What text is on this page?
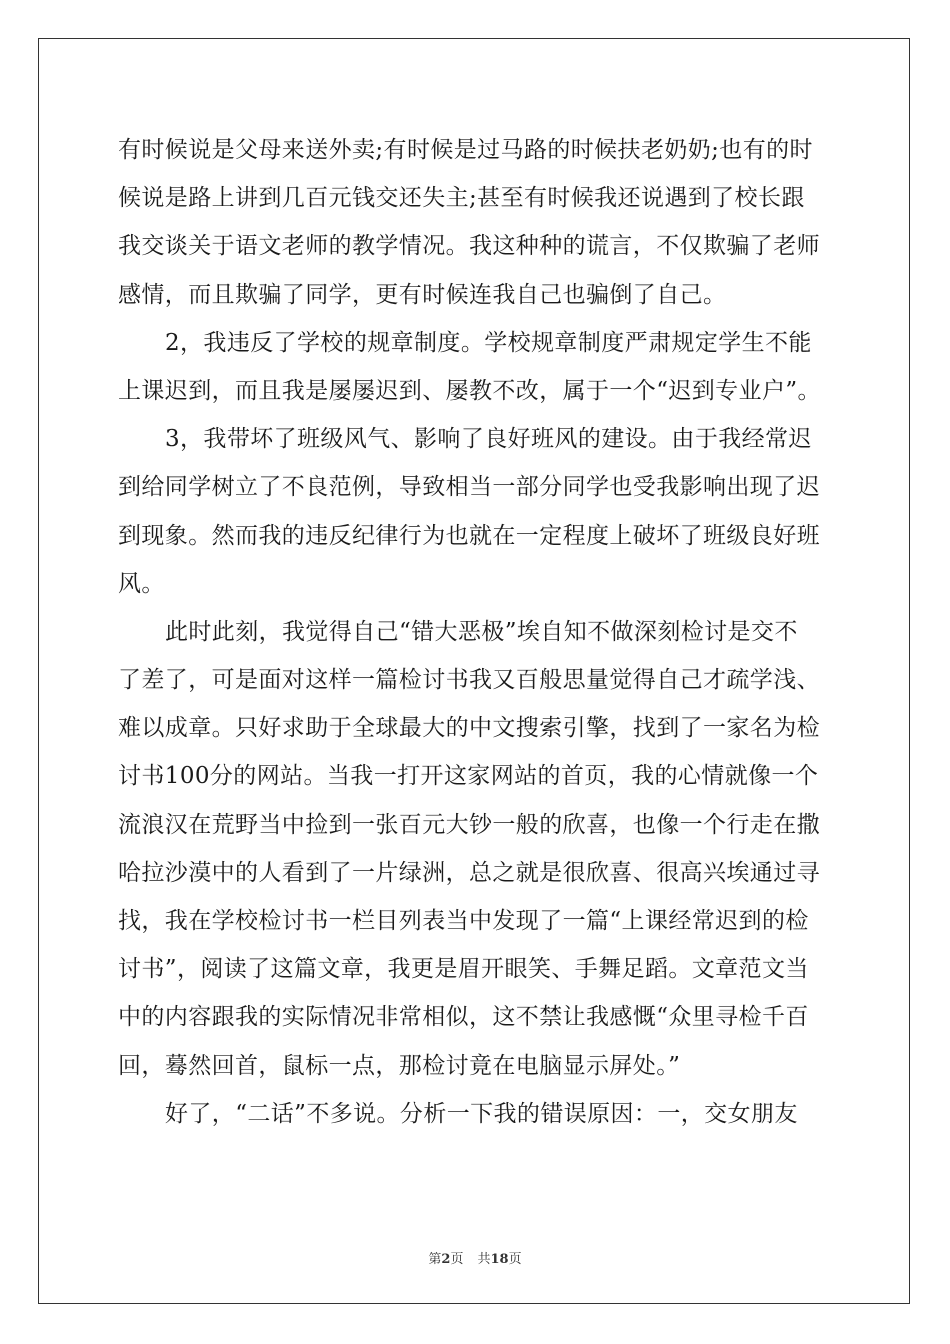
有时候说是父母来送外卖;有时候是过马路的时候扶老奶奶;也有的时
候说是路上讲到几百元钱交还失主;甚至有时候我还说遇到了校长跟
我交谈关于语文老师的教学情况。我这种种的谎言，不仅欺骗了老师
感情，而且欺骗了同学，更有时候连我自己也骗倒了自己。
2，我违反了学校的规章制度。学校规章制度严肃规定学生不能
上课迟到，而且我是屡屡迟到、屡教不改，属于一个“迟到专业户”。
3，我带坏了班级风气、影响了良好班风的建设。由于我经常迟
到给同学树立了不良范例，导致相当一部分同学也受我影响出现了迟
到现象。然而我的违反纪律行为也就在一定程度上破坏了班级良好班
风。
此时此刻，我觉得自己“错大恶极”埃自知不做深刻检讨是交不
了差了，可是面对这样一篇检讨书我又百般思量觉得自己才疏学浅、
难以成章。只好求助于全球最大的中文搜索引擎，找到了一家名为检
讨书100分的网站。当我一打开这家网站的首页，我的心情就像一个
流浪汉在荒野当中捡到一张百元大钞一般的欣喜，也像一个行走在撒
哈拉沙漠中的人看到了一片绿洲，总之就是很欣喜、很高兴埃通过寻
找，我在学校检讨书一栏目列表当中发现了一篇“上课经常迟到的检
讨书”，阅读了这篇文章，我更是眉开眼笑、手舞足蹈。文章范文当
中的内容跟我的实际情况非常相似，这不禁让我感慨“众里寻检千百
回，蓦然回首，鼠标一点，那检讨竟在电脑显示屏处。”
好了，“二话”不多说。分析一下我的错误原因：一，交女朋友
第2页 共18页
